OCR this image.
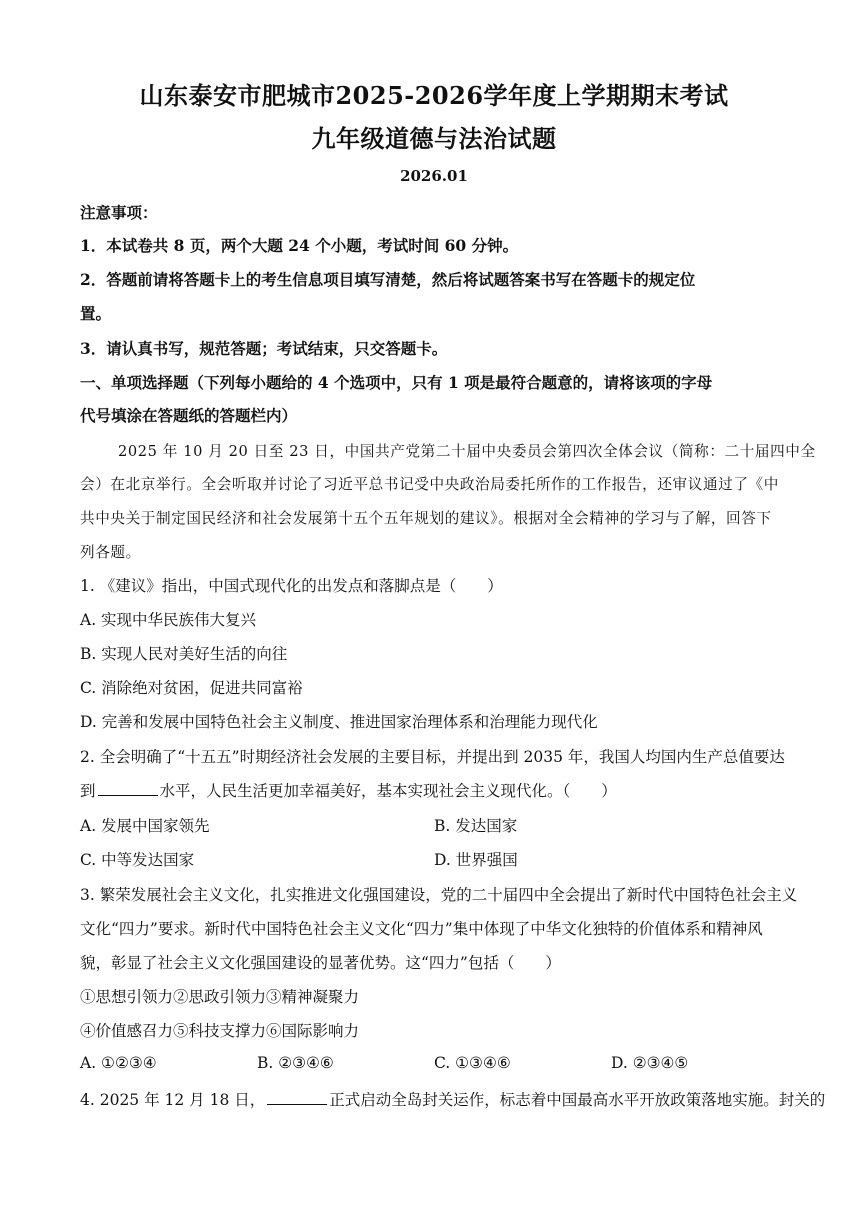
山东泰安市肥城市2025-2026学年度上学期期末考试
九年级道德与法治试题
2026.01
注意事项：
1．本试卷共 8 页，两个大题 24 个小题，考试时间 60 分钟。
2．答题前请将答题卡上的考生信息项目填写清楚，然后将试题答案书写在答题卡的规定位
置。
3．请认真书写，规范答题；考试结束，只交答题卡。
一、单项选择题（下列每小题给的 4 个选项中，只有 1 项是最符合题意的，请将该项的字母
代号填涂在答题纸的答题栏内）
2025 年 10 月 20 日至 23 日，中国共产党第二十届中央委员会第四次全体会议（简称：二十届四中全
会）在北京举行。全会听取并讨论了习近平总书记受中央政治局委托所作的工作报告，还审议通过了《中
共中央关于制定国民经济和社会发展第十五个五年规划的建议》。根据对全会精神的学习与了解，回答下
列各题。
1. 《建议》指出，中国式现代化的出发点和落脚点是（　　）
A. 实现中华民族伟大复兴
B. 实现人民对美好生活的向往
C. 消除绝对贫困，促进共同富裕
D. 完善和发展中国特色社会主义制度、推进国家治理体系和治理能力现代化
2. 全会明确了“十五五”时期经济社会发展的主要目标，并提出到 2035 年，我国人均国内生产总值要达
到	水平，人民生活更加幸福美好，基本实现社会主义现代化。（　　）
A. 发展中国家领先	B. 发达国家
C. 中等发达国家	D. 世界强国
3. 繁荣发展社会主义文化，扎实推进文化强国建设，党的二十届四中全会提出了新时代中国特色社会主义
文化“四力”要求。新时代中国特色社会主义文化“四力”集中体现了中华文化独特的价值体系和精神风
貌，彰显了社会主义文化强国建设的显著优势。这“四力”包括（　　）
①思想引领力②思政引领力③精神凝聚力
④价值感召力⑤科技支撑力⑥国际影响力
A. ①②③④	B. ②③④⑥	C. ①③④⑥	D. ②③④⑤
4. 2025 年 12 月 18 日，	正式启动全岛封关运作，标志着中国最高水平开放政策落地实施。封关的
